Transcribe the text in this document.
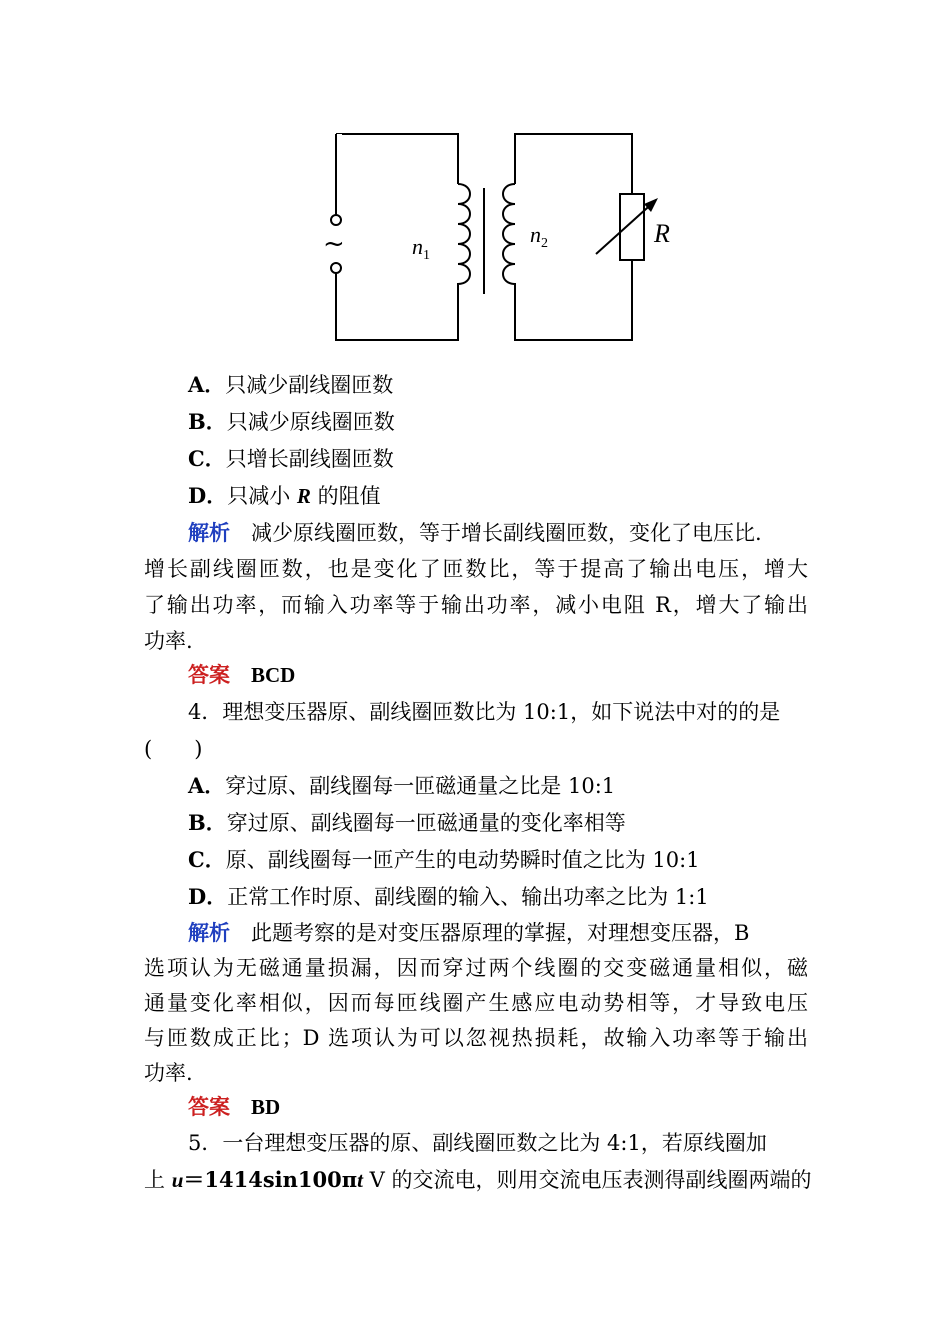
~	$n_1$
$n_2$	R
A．只减少副线圈匝数
B．只减少原线圈匝数
C．只增长副线圈匝数
D．只减小 R 的阻值
解析　 减少原线圈匝数，等于增长副线圈匝数，变化了电压比.
增长副线圈匝数，也是变化了匝数比，等于提高了输出电压，增大
了输出功率，而输入功率等于输出功率，减小电阻 R，增大了输出
功率.
答案　 BCD
4．理想变压器原、副线圈匝数比为 10:1，如下说法中对的的是
(　　)
A．穿过原、副线圈每一匝磁通量之比是 10:1
B．穿过原、副线圈每一匝磁通量的变化率相等
C．原、副线圈每一匝产生的电动势瞬时值之比为 10:1
D．正常工作时原、副线圈的输入、输出功率之比为 1:1
解析　 此题考察的是对变压器原理的掌握，对理想变压器，B
选项认为无磁通量损漏，因而穿过两个线圈的交变磁通量相似，磁
通量变化率相似，因而每匝线圈产生感应电动势相等，才导致电压
与匝数成正比；D 选项认为可以忽视热损耗，故输入功率等于输出
功率.
答案　 BD
5．一台理想变压器的原、副线圈匝数之比为 4:1，若原线圈加
上 u＝1414sin100πt V 的交流电，则用交流电压表测得副线圈两端的
